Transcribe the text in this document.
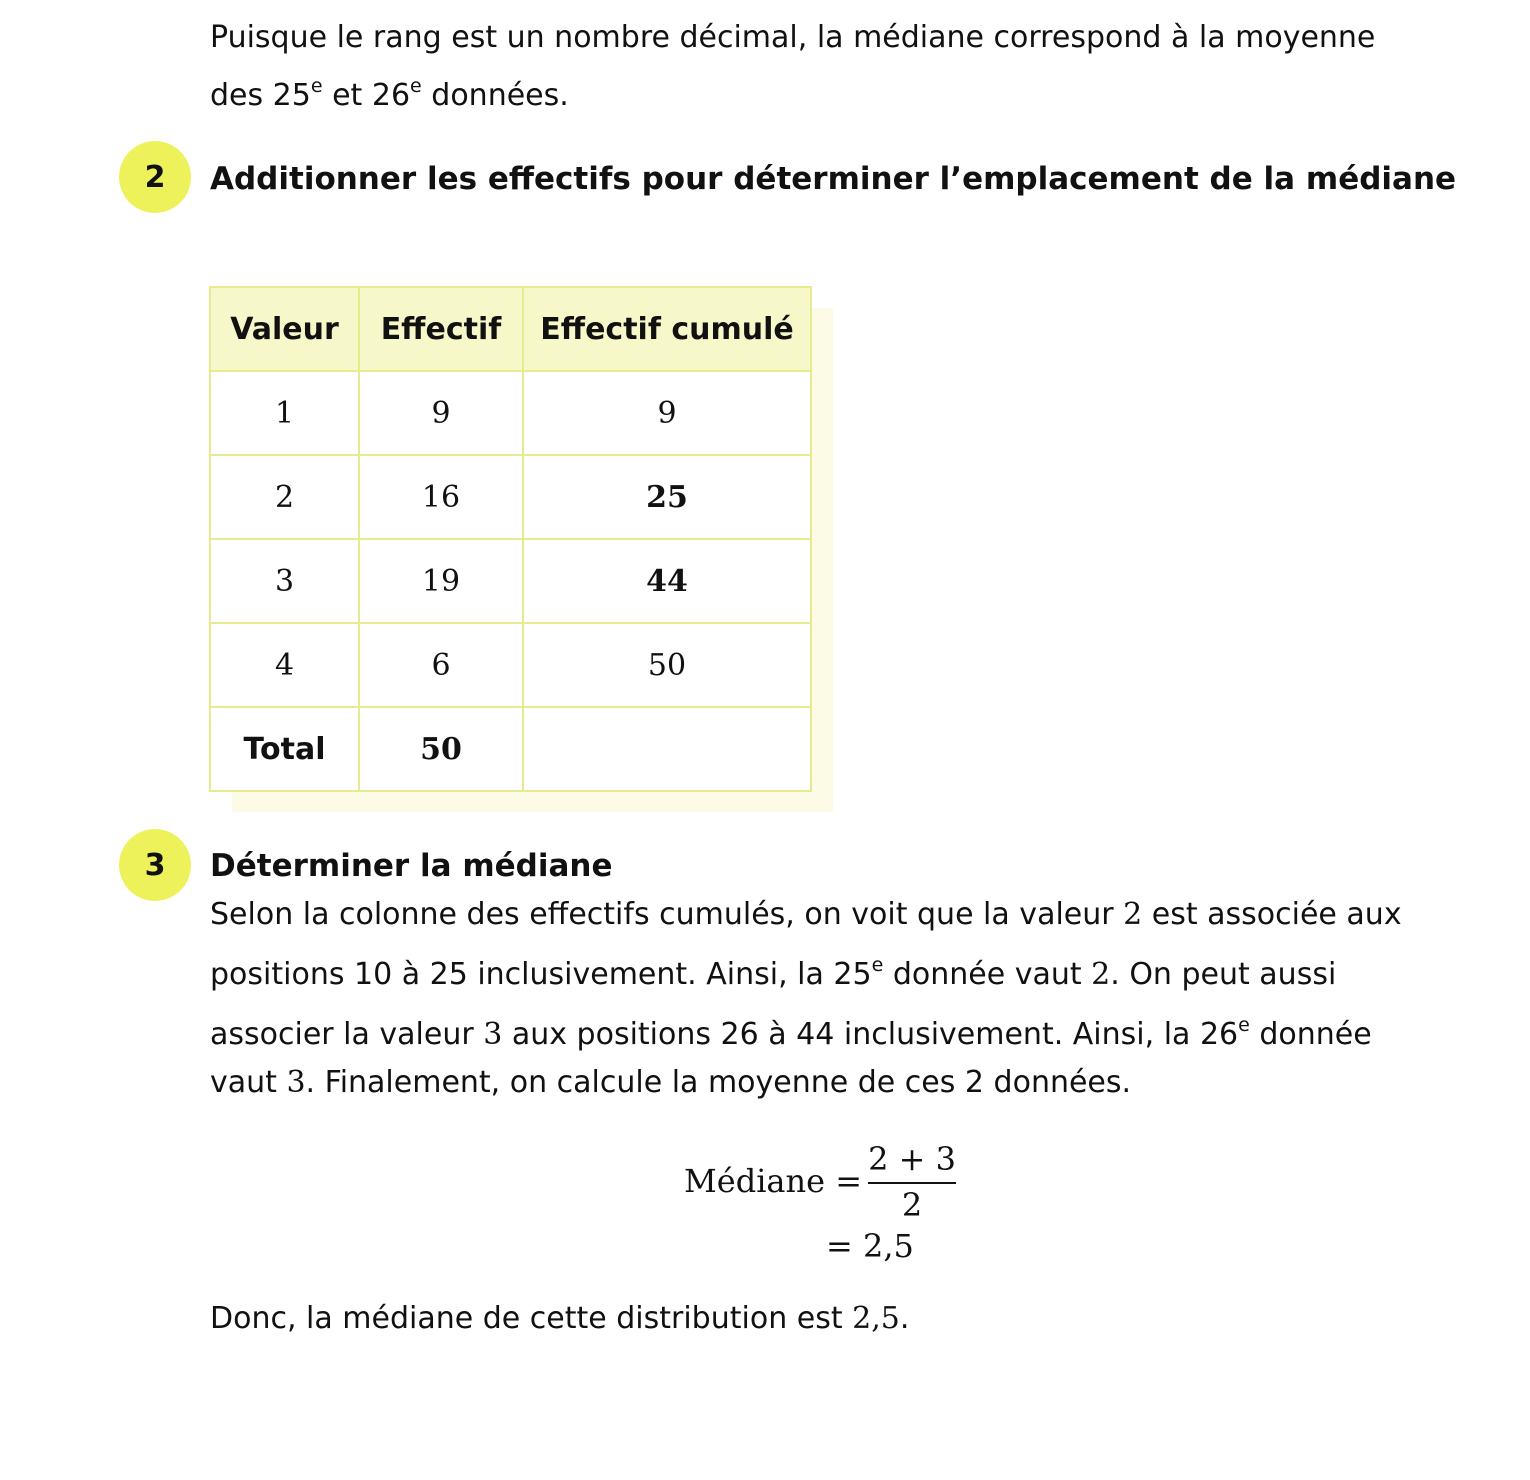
Puisque le rang est un nombre décimal, la médiane correspond à la moyenne

des 25e et 26e données.

2	Additionner les effectifs pour déterminer l’emplacement de la médiane
Valeur	Effectif	Effectif cumulé
1	9	9
2	16	25
3	19	44
4	6	50
Total	50	
3	Déterminer la médiane

Selon la colonne des effectifs cumulés, on voit que la valeur 2 est associée aux

positions 10 à 25 inclusivement. Ainsi, la 25e donnée vaut 2. On peut aussi

associer la valeur 3 aux positions 26 à 44 inclusivement. Ainsi, la 26e donnée

vaut 3. Finalement, on calcule la moyenne de ces 2 données.

Médiane = $\frac{2 + 3}{2}$
= 2,5

Donc, la médiane de cette distribution est 2,5.
